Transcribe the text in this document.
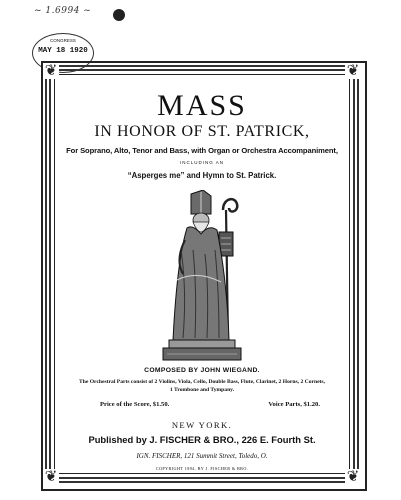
~ 1.6994 ~
CONGRESS
MAY 18 1920
❦	❦
❦	❦
MASS
IN HONOR OF ST. PATRICK,
For Soprano, Alto, Tenor and Bass, with Organ or Orchestra Accompaniment,
INCLUDING AN
“Asperges me” and Hymn to St. Patrick.
COMPOSED BY JOHN WIEGAND.
The Orchestral Parts consist of 2 Violins, Viola, Cello, Double Bass, Flute, Clarinet, 2 Horns, 2 Cornets,
1 Trombone and Tympany.
Price of the Score, $1.50.	Voice Parts, $1.20.
NEW YORK.
Published by J. FISCHER & BRO., 226 E. Fourth St.
IGN. FISCHER, 121 Summit Street, Toledo, O.
COPYRIGHT 1894, BY J. FISCHER & BRO.
